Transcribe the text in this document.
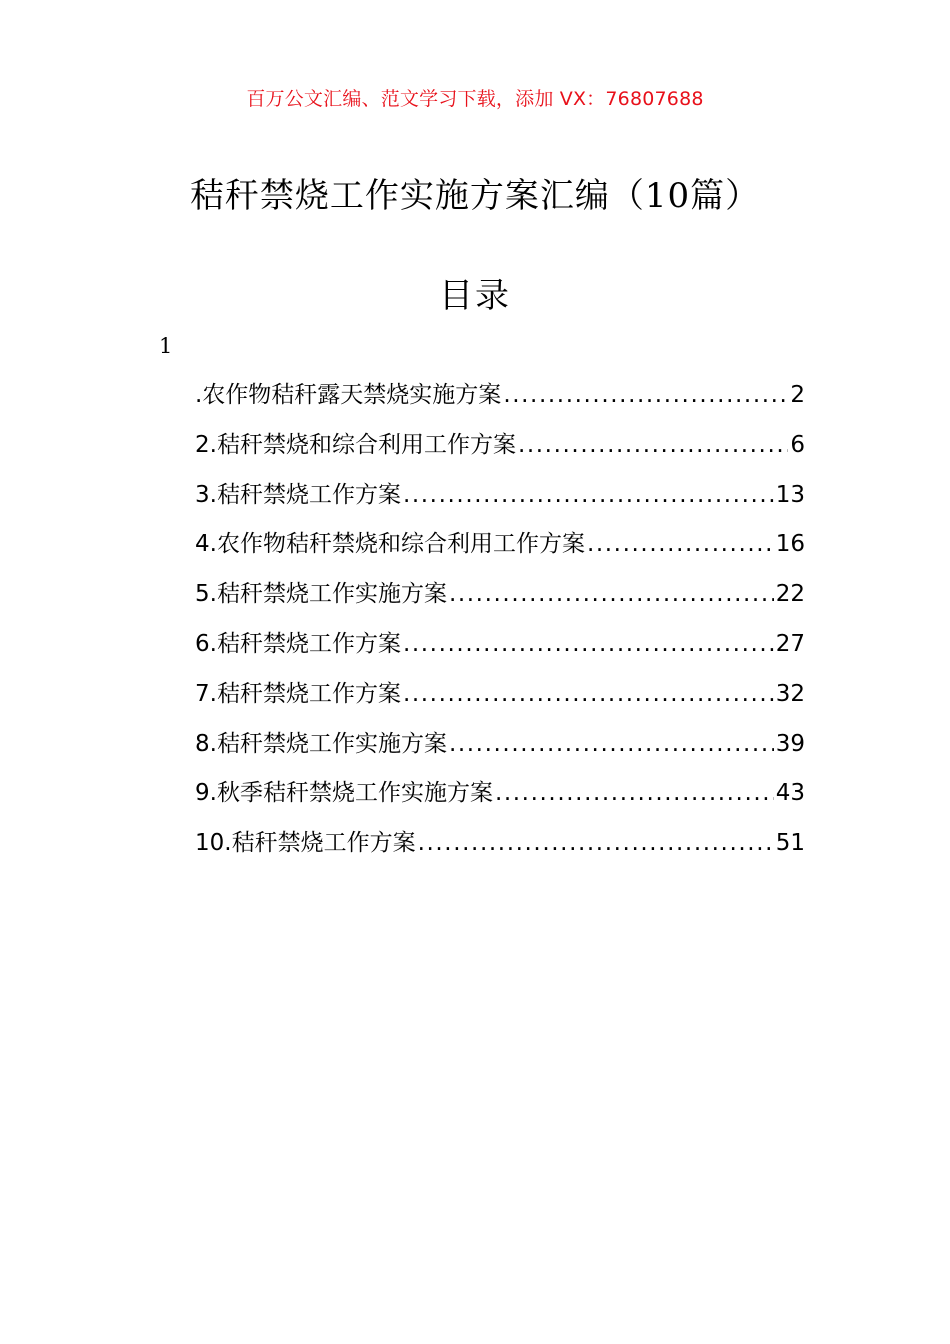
百万公文汇编、范文学习下载，添加 VX：76807688
秸秆禁烧工作实施方案汇编（10篇）
目录
1
.农作物秸秆露天禁烧实施方案 .....	2
2.秸秆禁烧和综合利用工作方案 .....	6
3.秸秆禁烧工作方案 .....	13
4.农作物秸秆禁烧和综合利用工作方案 .....	16
5.秸秆禁烧工作实施方案 .....	22
6.秸秆禁烧工作方案 .....	27
7.秸秆禁烧工作方案 .....	32
8.秸秆禁烧工作实施方案 .....	39
9.秋季秸秆禁烧工作实施方案 .....	43
10.秸秆禁烧工作方案 .....	51
